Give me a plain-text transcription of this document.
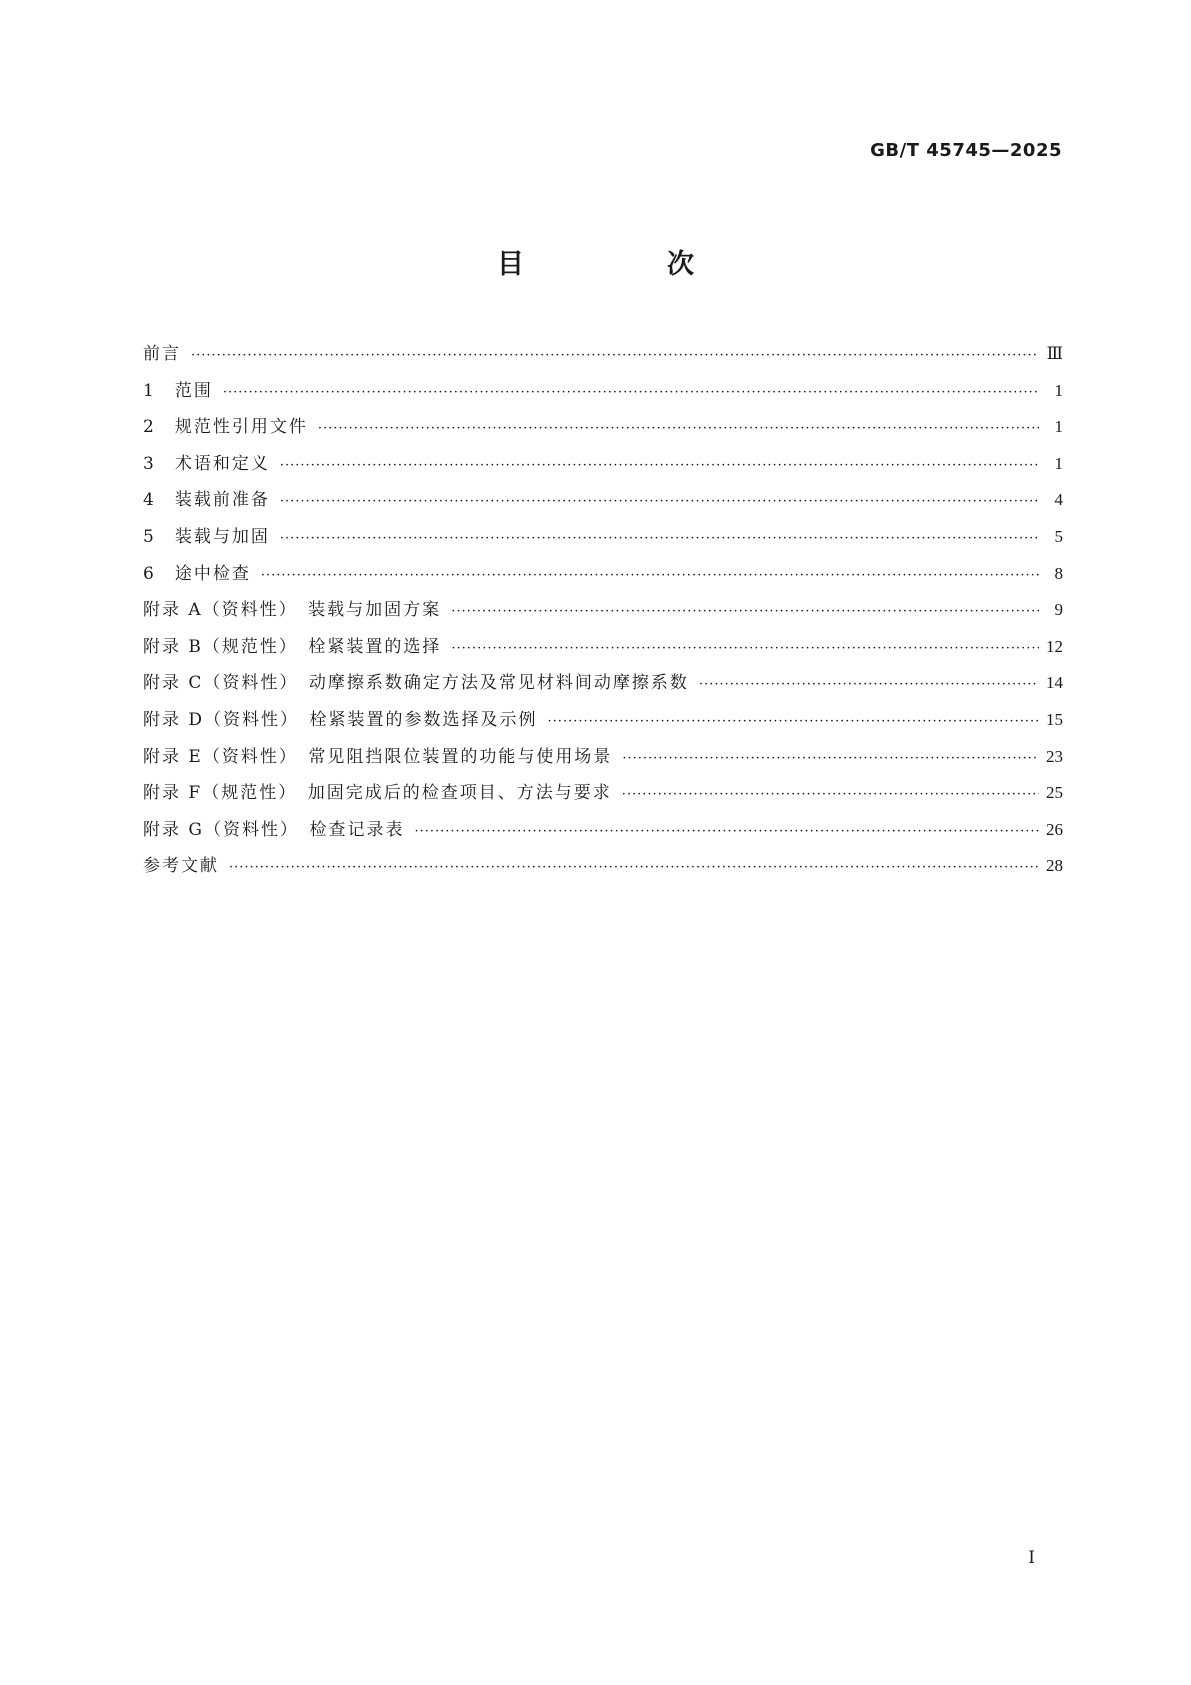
GB/T 45745—2025
目　次
前言 ·····	Ⅲ
1　范围 ·····	1
2　规范性引用文件 ·····	1
3　术语和定义 ·····	1
4　装载前准备 ·····	4
5　装载与加固 ·····	5
6　途中检查 ·····	8
附录 A（资料性）　装载与加固方案 ·····	9
附录 B（规范性）　栓紧装置的选择 ·····	12
附录 C（资料性）　动摩擦系数确定方法及常见材料间动摩擦系数 ·····	14
附录 D（资料性）　栓紧装置的参数选择及示例 ·····	15
附录 E（资料性）　常见阻挡限位装置的功能与使用场景 ·····	23
附录 F（规范性）　加固完成后的检查项目、方法与要求 ·····	25
附录 G（资料性）　检查记录表 ·····	26
参考文献 ·····	28
Ⅰ
